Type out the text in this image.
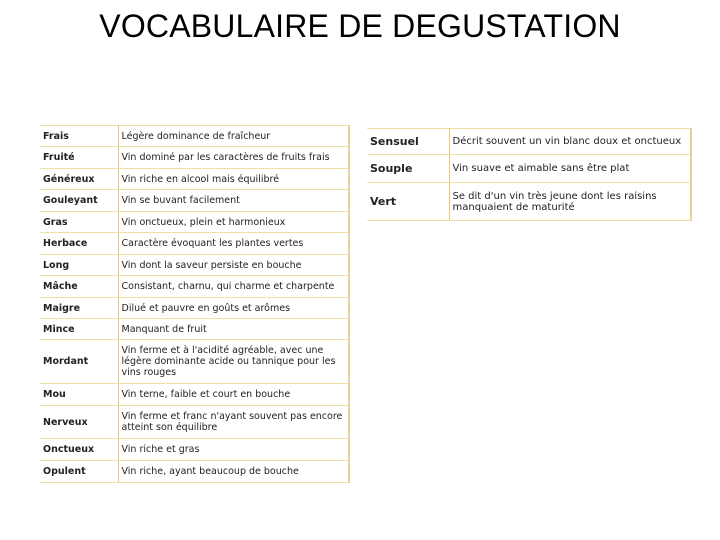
VOCABULAIRE DE DEGUSTATION
Frais	Légère dominance de fraîcheur
Fruité	Vin dominé par les caractères de fruits frais
Généreux	Vin riche en alcool mais équilibré
Gouleyant	Vin se buvant facilement
Gras	Vin onctueux, plein et harmonieux
Herbace	Caractère évoquant les plantes vertes
Long	Vin dont la saveur persiste en bouche
Mâche	Consistant, charnu, qui charme et charpente
Maigre	Dilué et pauvre en goûts et arômes
Mince	Manquant de fruit
Mordant	Vin ferme et à l'acidité agréable, avec une légère dominante acide ou tannique pour les vins rouges
Mou	Vin terne, faible et court en bouche
Nerveux	Vin ferme et franc n'ayant souvent pas encore atteint son équilibre
Onctueux	Vin riche et gras
Opulent	Vin riche, ayant beaucoup de bouche
Sensuel	Décrit souvent un vin blanc doux et onctueux
Souple	Vin suave et aimable sans être plat
Vert	Se dit d'un vin très jeune dont les raisins manquaient de maturité
